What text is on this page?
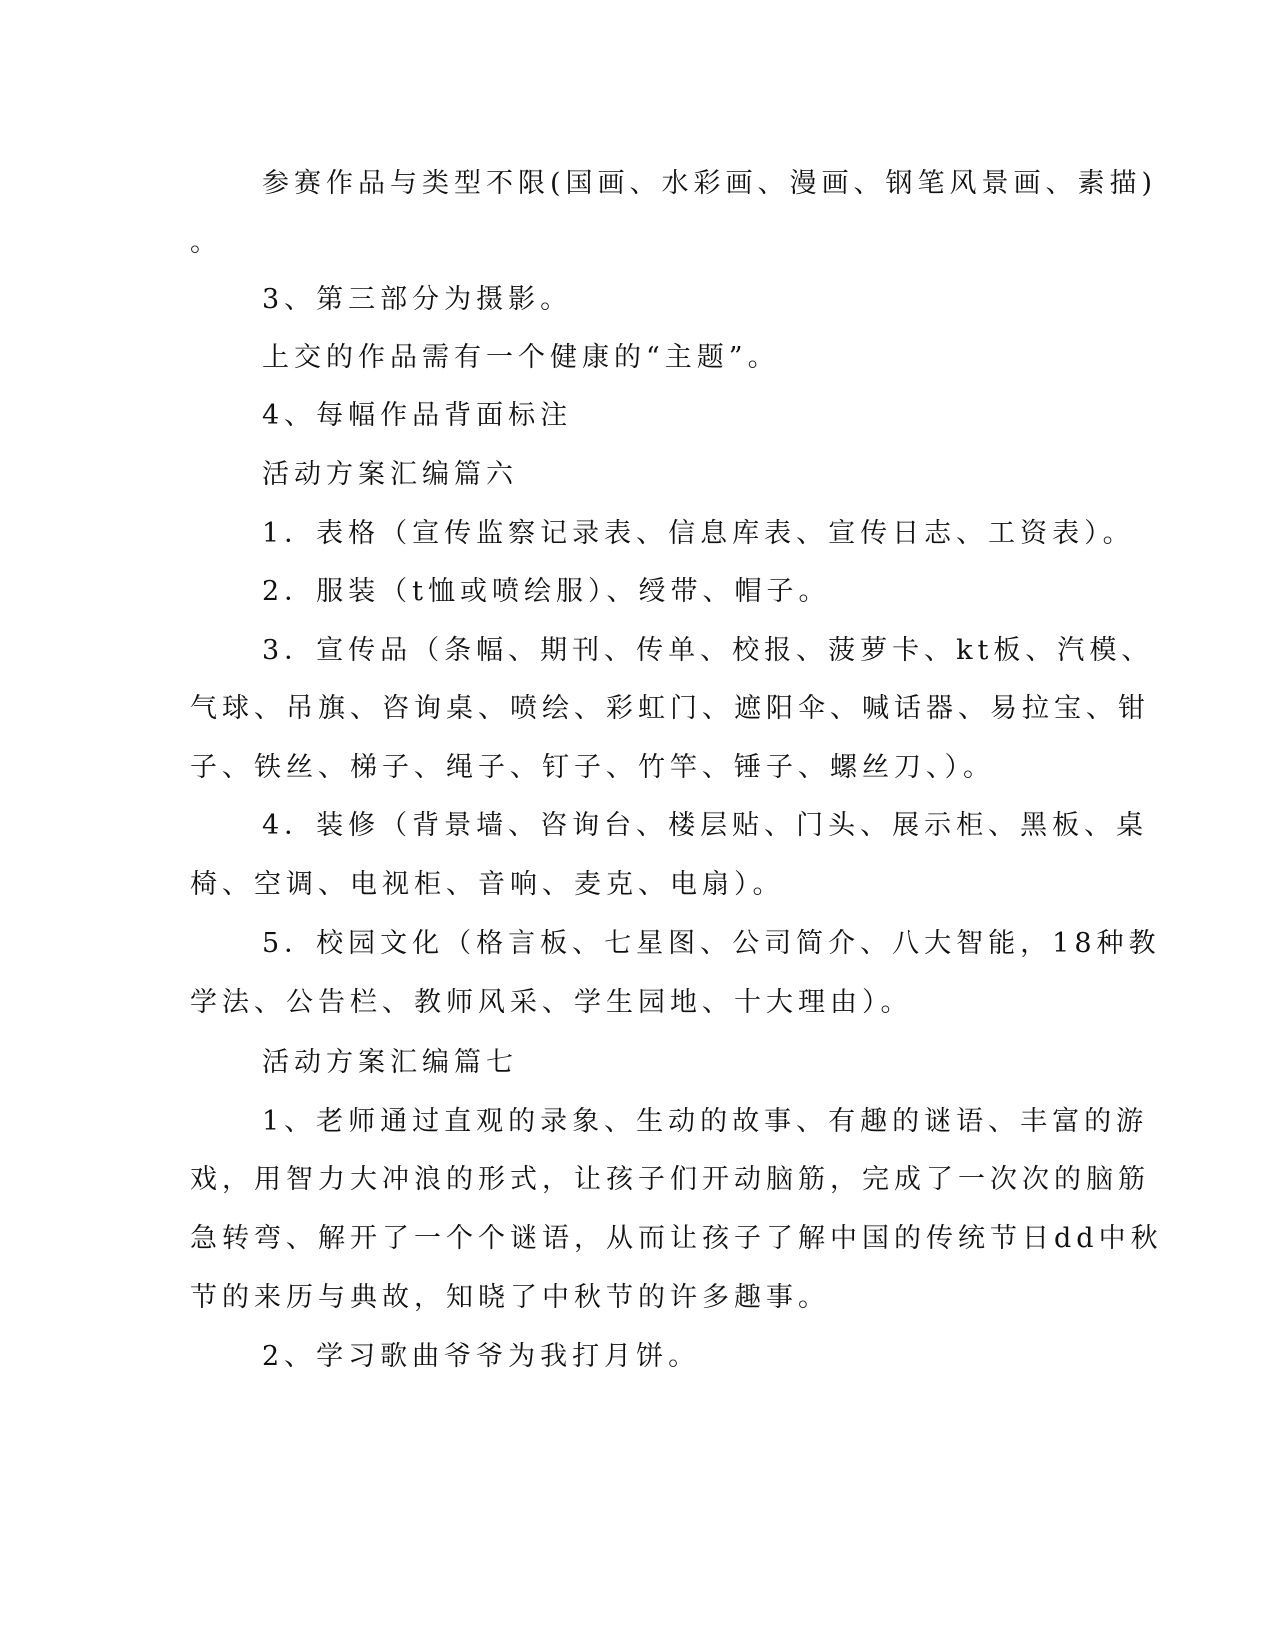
参赛作品与类型不限(国画、水彩画、漫画、钢笔风景画、素描)

。

3、第三部分为摄影。

上交的作品需有一个健康的“主题”。

4、每幅作品背面标注

活动方案汇编篇六

1．表格（宣传监察记录表、信息库表、宣传日志、工资表）。

2．服装（t恤或喷绘服）、绶带、帽子。

3．宣传品（条幅、期刊、传单、校报、菠萝卡、kt板、汽模、

气球、吊旗、咨询桌、喷绘、彩虹门、遮阳伞、喊话器、易拉宝、钳

子、铁丝、梯子、绳子、钉子、竹竿、锤子、螺丝刀、）。

4．装修（背景墙、咨询台、楼层贴、门头、展示柜、黑板、桌

椅、空调、电视柜、音响、麦克、电扇）。

5．校园文化（格言板、七星图、公司简介、八大智能，18种教

学法、公告栏、教师风采、学生园地、十大理由）。

活动方案汇编篇七

1、老师通过直观的录象、生动的故事、有趣的谜语、丰富的游

戏，用智力大冲浪的形式，让孩子们开动脑筋，完成了一次次的脑筋

急转弯、解开了一个个谜语，从而让孩子了解中国的传统节日dd中秋

节的来历与典故，知晓了中秋节的许多趣事。

2、学习歌曲爷爷为我打月饼。
